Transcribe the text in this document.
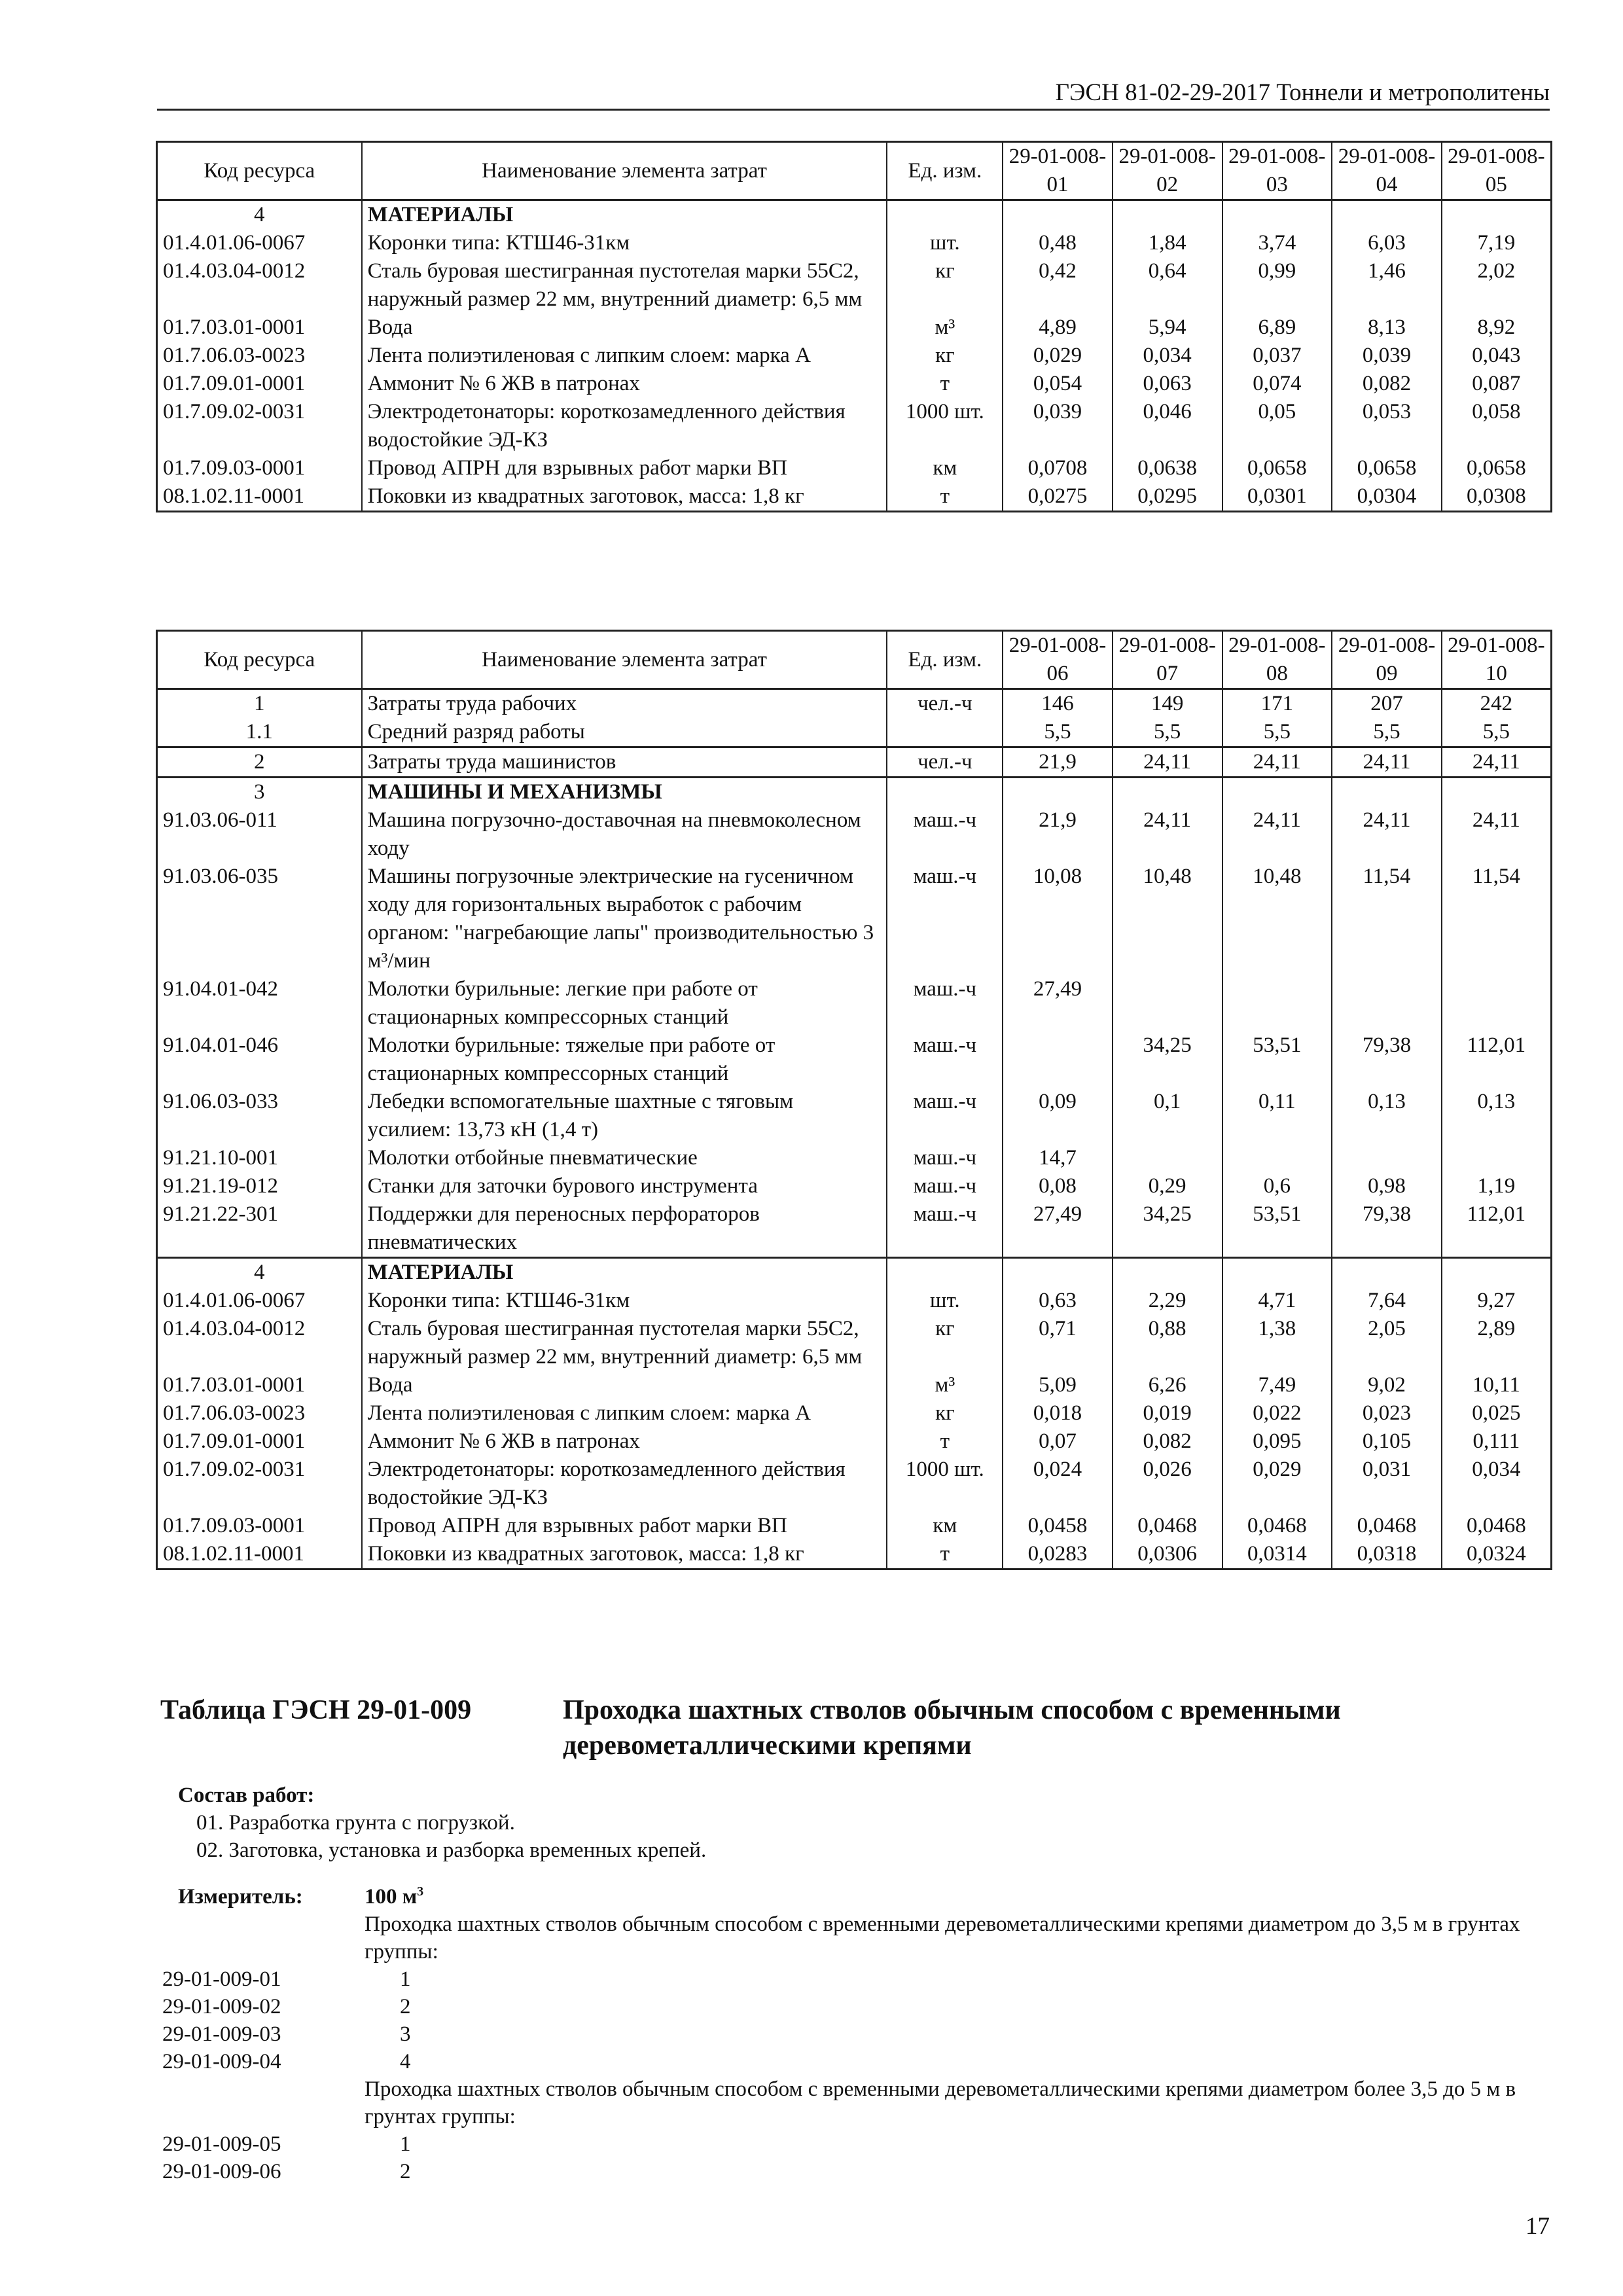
ГЭСН 81-02-29-2017 Тоннели и метрополитены
Код ресурса	Наименование элемента затрат	Ед. изм.	29-01-008-01	29-01-008-02	29-01-008-03	29-01-008-04	29-01-008-05
4	МАТЕРИАЛЫ						
01.4.01.06-0067	Коронки типа: КТШ46-31км	шт.	0,48	1,84	3,74	6,03	7,19
01.4.03.04-0012	Сталь буровая шестигранная пустотелая марки 55С2, наружный размер 22 мм, внутренний диаметр: 6,5 мм	кг	0,42	0,64	0,99	1,46	2,02
01.7.03.01-0001	Вода	м³	4,89	5,94	6,89	8,13	8,92
01.7.06.03-0023	Лента полиэтиленовая с липким слоем: марка А	кг	0,029	0,034	0,037	0,039	0,043
01.7.09.01-0001	Аммонит № 6 ЖВ в патронах	т	0,054	0,063	0,074	0,082	0,087
01.7.09.02-0031	Электродетонаторы: короткозамедленного действия водостойкие ЭД-КЗ	1000 шт.	0,039	0,046	0,05	0,053	0,058
01.7.09.03-0001	Провод АПРН для взрывных работ марки ВП	км	0,0708	0,0638	0,0658	0,0658	0,0658
08.1.02.11-0001	Поковки из квадратных заготовок, масса: 1,8 кг	т	0,0275	0,0295	0,0301	0,0304	0,0308
Код ресурса	Наименование элемента затрат	Ед. изм.	29-01-008-06	29-01-008-07	29-01-008-08	29-01-008-09	29-01-008-10
1	Затраты труда рабочих	чел.-ч	146	149	171	207	242
1.1	Средний разряд работы		5,5	5,5	5,5	5,5	5,5
2	Затраты труда машинистов	чел.-ч	21,9	24,11	24,11	24,11	24,11
3	МАШИНЫ И МЕХАНИЗМЫ						
91.03.06-011	Машина погрузочно-доставочная на пневмоколесном ходу	маш.-ч	21,9	24,11	24,11	24,11	24,11
91.03.06-035	Машины погрузочные электрические на гусеничном ходу для горизонтальных выработок с рабочим органом: "нагребающие лапы" производительностью 3 м³/мин	маш.-ч	10,08	10,48	10,48	11,54	11,54
91.04.01-042	Молотки бурильные: легкие при работе от стационарных компрессорных станций	маш.-ч	27,49				
91.04.01-046	Молотки бурильные: тяжелые при работе от стационарных компрессорных станций	маш.-ч		34,25	53,51	79,38	112,01
91.06.03-033	Лебедки вспомогательные шахтные с тяговым усилием: 13,73 кН (1,4 т)	маш.-ч	0,09	0,1	0,11	0,13	0,13
91.21.10-001	Молотки отбойные пневматические	маш.-ч	14,7				
91.21.19-012	Станки для заточки бурового инструмента	маш.-ч	0,08	0,29	0,6	0,98	1,19
91.21.22-301	Поддержки для переносных перфораторов пневматических	маш.-ч	27,49	34,25	53,51	79,38	112,01
4	МАТЕРИАЛЫ						
01.4.01.06-0067	Коронки типа: КТШ46-31км	шт.	0,63	2,29	4,71	7,64	9,27
01.4.03.04-0012	Сталь буровая шестигранная пустотелая марки 55С2, наружный размер 22 мм, внутренний диаметр: 6,5 мм	кг	0,71	0,88	1,38	2,05	2,89
01.7.03.01-0001	Вода	м³	5,09	6,26	7,49	9,02	10,11
01.7.06.03-0023	Лента полиэтиленовая с липким слоем: марка А	кг	0,018	0,019	0,022	0,023	0,025
01.7.09.01-0001	Аммонит № 6 ЖВ в патронах	т	0,07	0,082	0,095	0,105	0,111
01.7.09.02-0031	Электродетонаторы: короткозамедленного действия водостойкие ЭД-КЗ	1000 шт.	0,024	0,026	0,029	0,031	0,034
01.7.09.03-0001	Провод АПРН для взрывных работ марки ВП	км	0,0458	0,0468	0,0468	0,0468	0,0468
08.1.02.11-0001	Поковки из квадратных заготовок, масса: 1,8 кг	т	0,0283	0,0306	0,0314	0,0318	0,0324
Таблица ГЭСН 29-01-009	Проходка шахтных стволов обычным способом с временными деревометаллическими крепями
Состав работ:
01. Разработка грунта с погрузкой.
02. Заготовка, установка и разборка временных крепей.
Измеритель:	100 $м^3$
Проходка шахтных стволов обычным способом с временными деревометаллическими крепями диаметром до 3,5 м в грунтах группы:
29-01-009-01	1
29-01-009-02	2
29-01-009-03	3
29-01-009-04	4
Проходка шахтных стволов обычным способом с временными деревометаллическими крепями диаметром более 3,5 до 5 м в грунтах группы:
29-01-009-05	1
29-01-009-06	2
17
